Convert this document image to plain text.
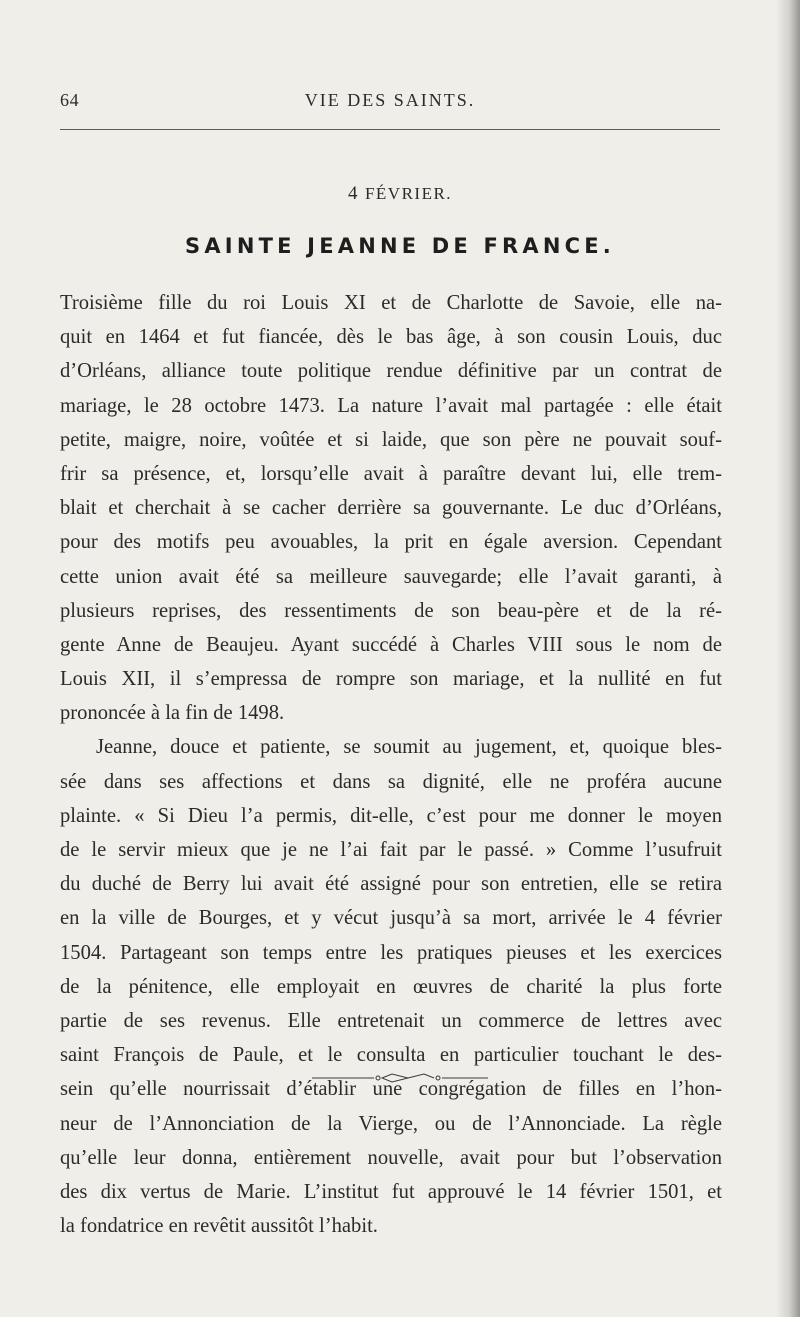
64	VIE DES SAINTS.
4 FÉVRIER.
SAINTE JEANNE DE FRANCE.
Troisième fille du roi Louis XI et de Charlotte de Savoie, elle na-
quit en 1464 et fut fiancée, dès le bas âge, à son cousin Louis, duc
d’Orléans, alliance toute politique rendue définitive par un contrat de
mariage, le 28 octobre 1473. La nature l’avait mal partagée : elle était
petite, maigre, noire, voûtée et si laide, que son père ne pouvait souf-
frir sa présence, et, lorsqu’elle avait à paraître devant lui, elle trem-
blait et cherchait à se cacher derrière sa gouvernante. Le duc d’Orléans,
pour des motifs peu avouables, la prit en égale aversion. Cependant
cette union avait été sa meilleure sauvegarde; elle l’avait garanti, à
plusieurs reprises, des ressentiments de son beau-père et de la ré-
gente Anne de Beaujeu. Ayant succédé à Charles VIII sous le nom de
Louis XII, il s’empressa de rompre son mariage, et la nullité en fut
prononcée à la fin de 1498.
Jeanne, douce et patiente, se soumit au jugement, et, quoique bles-
sée dans ses affections et dans sa dignité, elle ne proféra aucune
plainte. « Si Dieu l’a permis, dit-elle, c’est pour me donner le moyen
de le servir mieux que je ne l’ai fait par le passé. » Comme l’usufruit
du duché de Berry lui avait été assigné pour son entretien, elle se retira
en la ville de Bourges, et y vécut jusqu’à sa mort, arrivée le 4 février
1504. Partageant son temps entre les pratiques pieuses et les exercices
de la pénitence, elle employait en œuvres de charité la plus forte
partie de ses revenus. Elle entretenait un commerce de lettres avec
saint François de Paule, et le consulta en particulier touchant le des-
sein qu’elle nourrissait d’établir une congrégation de filles en l’hon-
neur de l’Annonciation de la Vierge, ou de l’Annonciade. La règle
qu’elle leur donna, entièrement nouvelle, avait pour but l’observation
des dix vertus de Marie. L’institut fut approuvé le 14 février 1501, et
la fondatrice en revêtit aussitôt l’habit.
